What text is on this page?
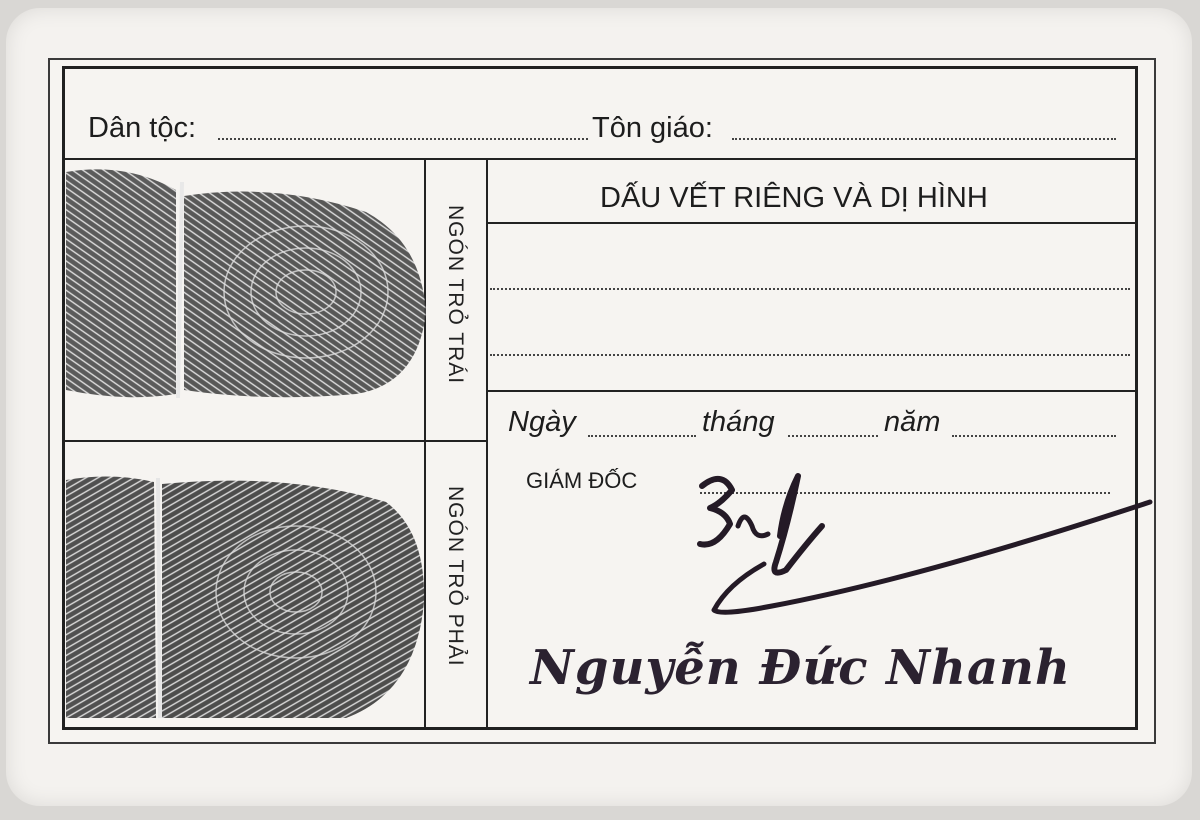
Dân tộc:	Tôn giáo:
NGÓN TRỎ TRÁI
NGÓN TRỎ PHẢI
DẤU VẾT RIÊNG VÀ DỊ HÌNH
Ngày	tháng	năm
GIÁM ĐỐC
Nguyễn Đức Nhanh
